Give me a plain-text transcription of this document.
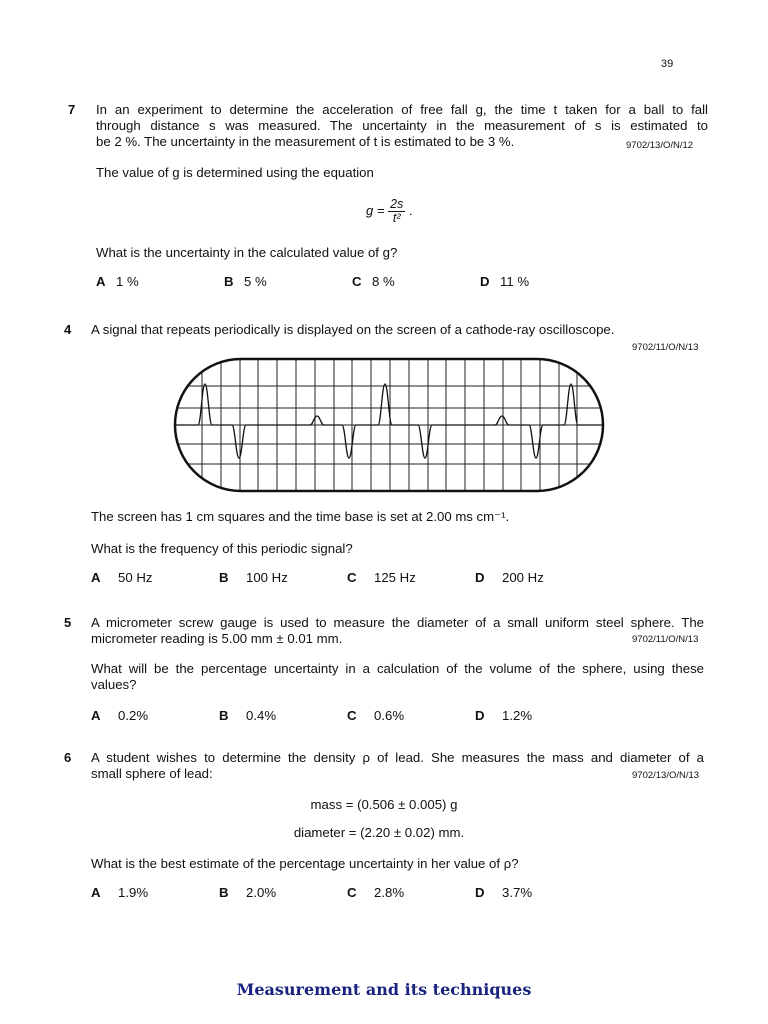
39
7 In an experiment to determine the acceleration of free fall g, the time t taken for a ball to fall
through distance s was measured. The uncertainty in the measurement of s is estimated to
be 2 %. The uncertainty in the measurement of t is estimated to be 3 %.	9702/13/O/N/12
The value of g is determined using the equation
$g = \frac{2s}{\text{t²}}$ .
What is the uncertainty in the calculated value of g?
A 1 %	B 5 %	C 8 %	D 11 %
4 A signal that repeats periodically is displayed on the screen of a cathode-ray oscilloscope.
9702/11/O/N/13
The screen has 1 cm squares and the time base is set at 2.00 ms cm⁻¹.
What is the frequency of this periodic signal?
A 50 Hz	B 100 Hz	C 125 Hz	D 200 Hz
5 A micrometer screw gauge is used to measure the diameter of a small uniform steel sphere. The
micrometer reading is 5.00 mm ± 0.01 mm.	9702/11/O/N/13
What will be the percentage uncertainty in a calculation of the volume of the sphere, using these
values?
A 0.2%	B 0.4%	C 0.6%	D 1.2%
6 A student wishes to determine the density ρ of lead. She measures the mass and diameter of a
small sphere of lead:	9702/13/O/N/13
mass = (0.506 ± 0.005) g
diameter = (2.20 ± 0.02) mm.
What is the best estimate of the percentage uncertainty in her value of ρ?
A 1.9%	B 2.0%	C 2.8%	D 3.7%
Measurement and its techniques
